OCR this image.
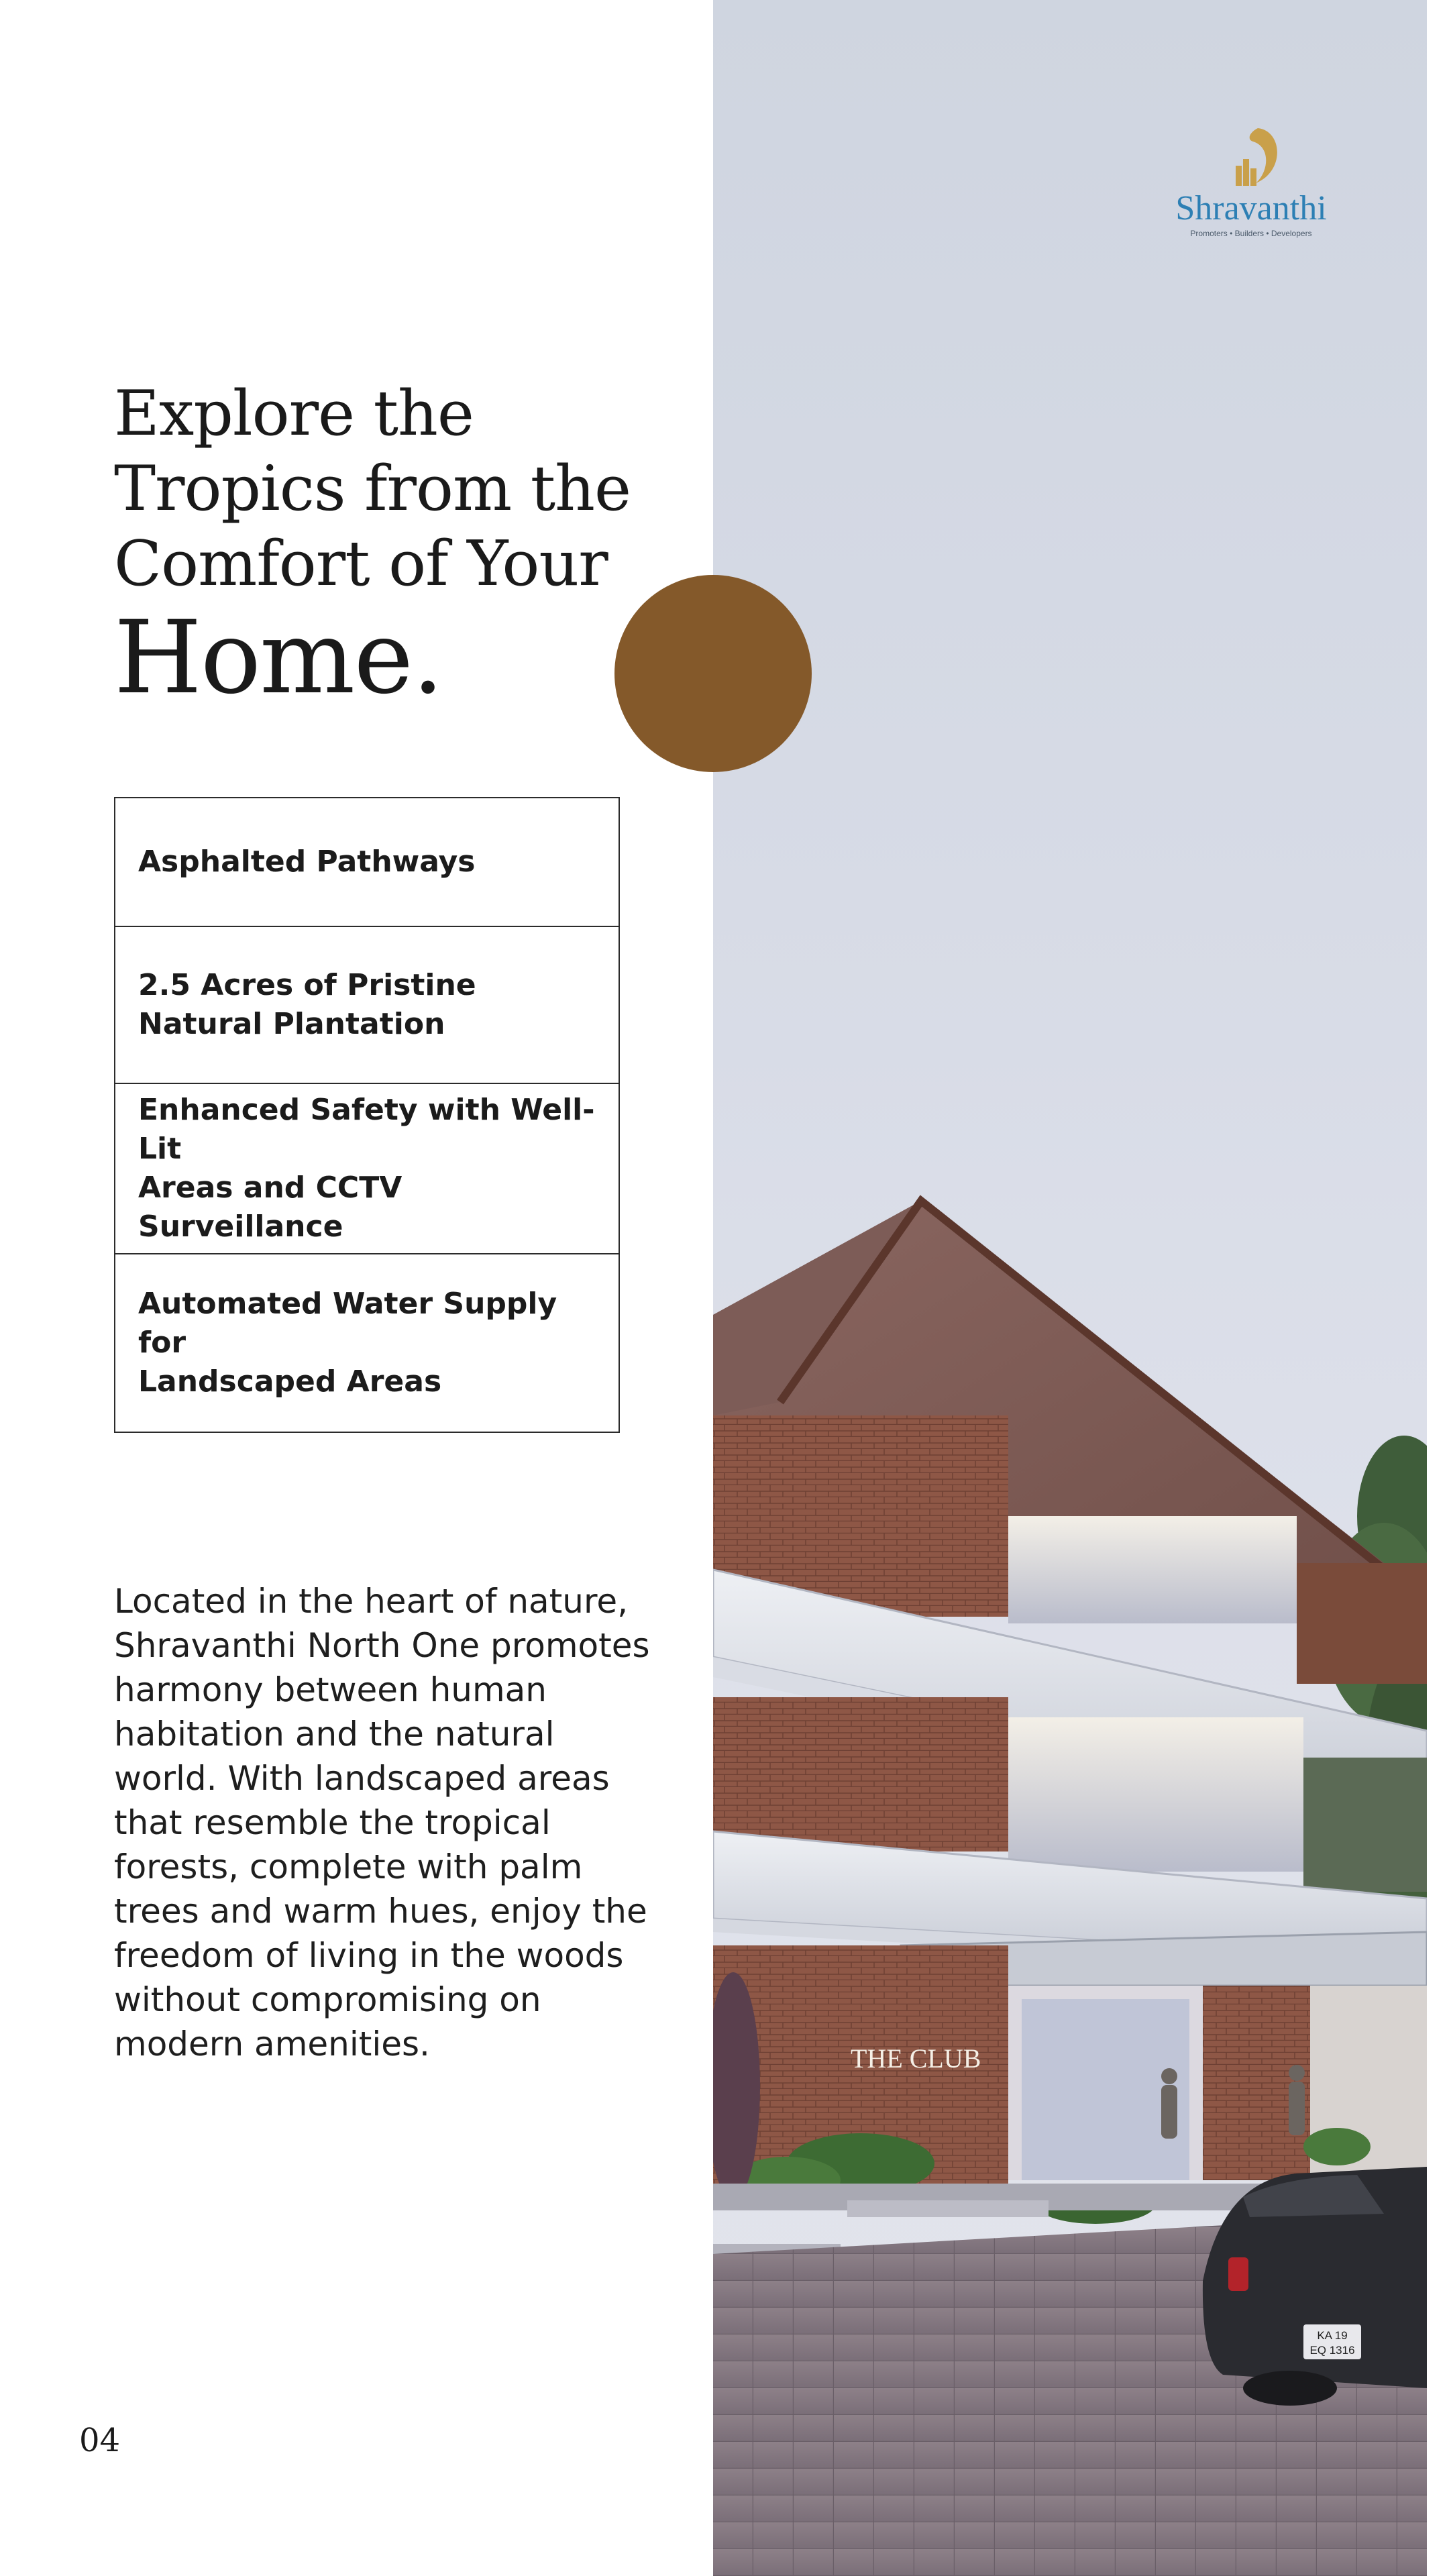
THE CLUB
KA 19
EQ 1316
Shravanthi
Promoters • Builders • Developers
Explore the
Tropics from the
Comfort of Your
Home.
Asphalted Pathways
2.5 Acres of Pristine
Natural Plantation
Enhanced Safety with Well-Lit
Areas and CCTV Surveillance
Automated Water Supply for
Landscaped Areas

Located in the heart of nature, Shravanthi North One promotes harmony between human habitation and the natural world. With landscaped areas that resemble the tropical forests, complete with palm trees and warm hues, enjoy the freedom of living in the woods without compromising on modern amenities.

04
